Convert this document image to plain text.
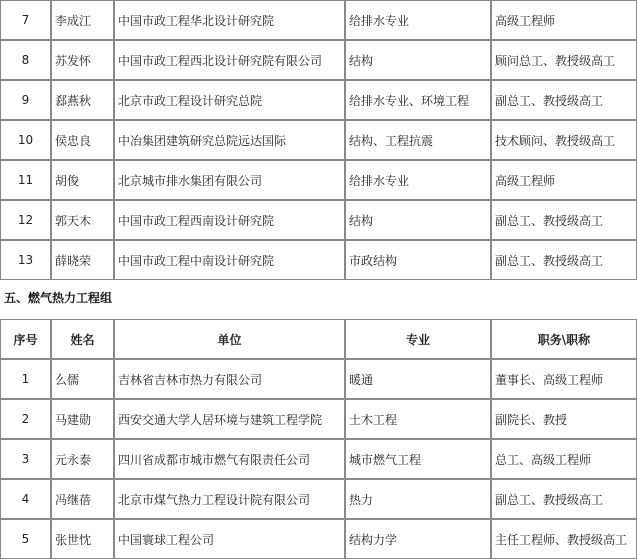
7	李成江	中国市政工程华北设计研究院	给排水专业	高级工程师
8	苏发怀	中国市政工程西北设计研究院有限公司	结构	顾问总工、教授级高工
9	郄燕秋	北京市政工程设计研究总院	给排水专业、环境工程	副总工、教授级高工
10	侯忠良	中冶集团建筑研究总院远达国际	结构、工程抗震	技术顾问、教授级高工
11	胡俊	北京城市排水集团有限公司	给排水专业	高级工程师
12	郭天木	中国市政工程西南设计研究院	结构	副总工、教授级高工
13	薛晓荣	中国市政工程中南设计研究院	市政结构	副总工、教授级高工
五、燃气热力工程组
序号	姓名	单位	专业	职务\职称
1	么儒	吉林省吉林市热力有限公司	暖通	董事长、高级工程师
2	马建勋	西安交通大学人居环境与建筑工程学院	土木工程	副院长、教授
3	元永泰	四川省成都市城市燃气有限责任公司	城市燃气工程	总工、高级工程师
4	冯继蓓	北京市煤气热力工程设计院有限公司	热力	副总工、教授级高工
5	张世忱	中国寰球工程公司	结构力学	主任工程师、教授级高工
